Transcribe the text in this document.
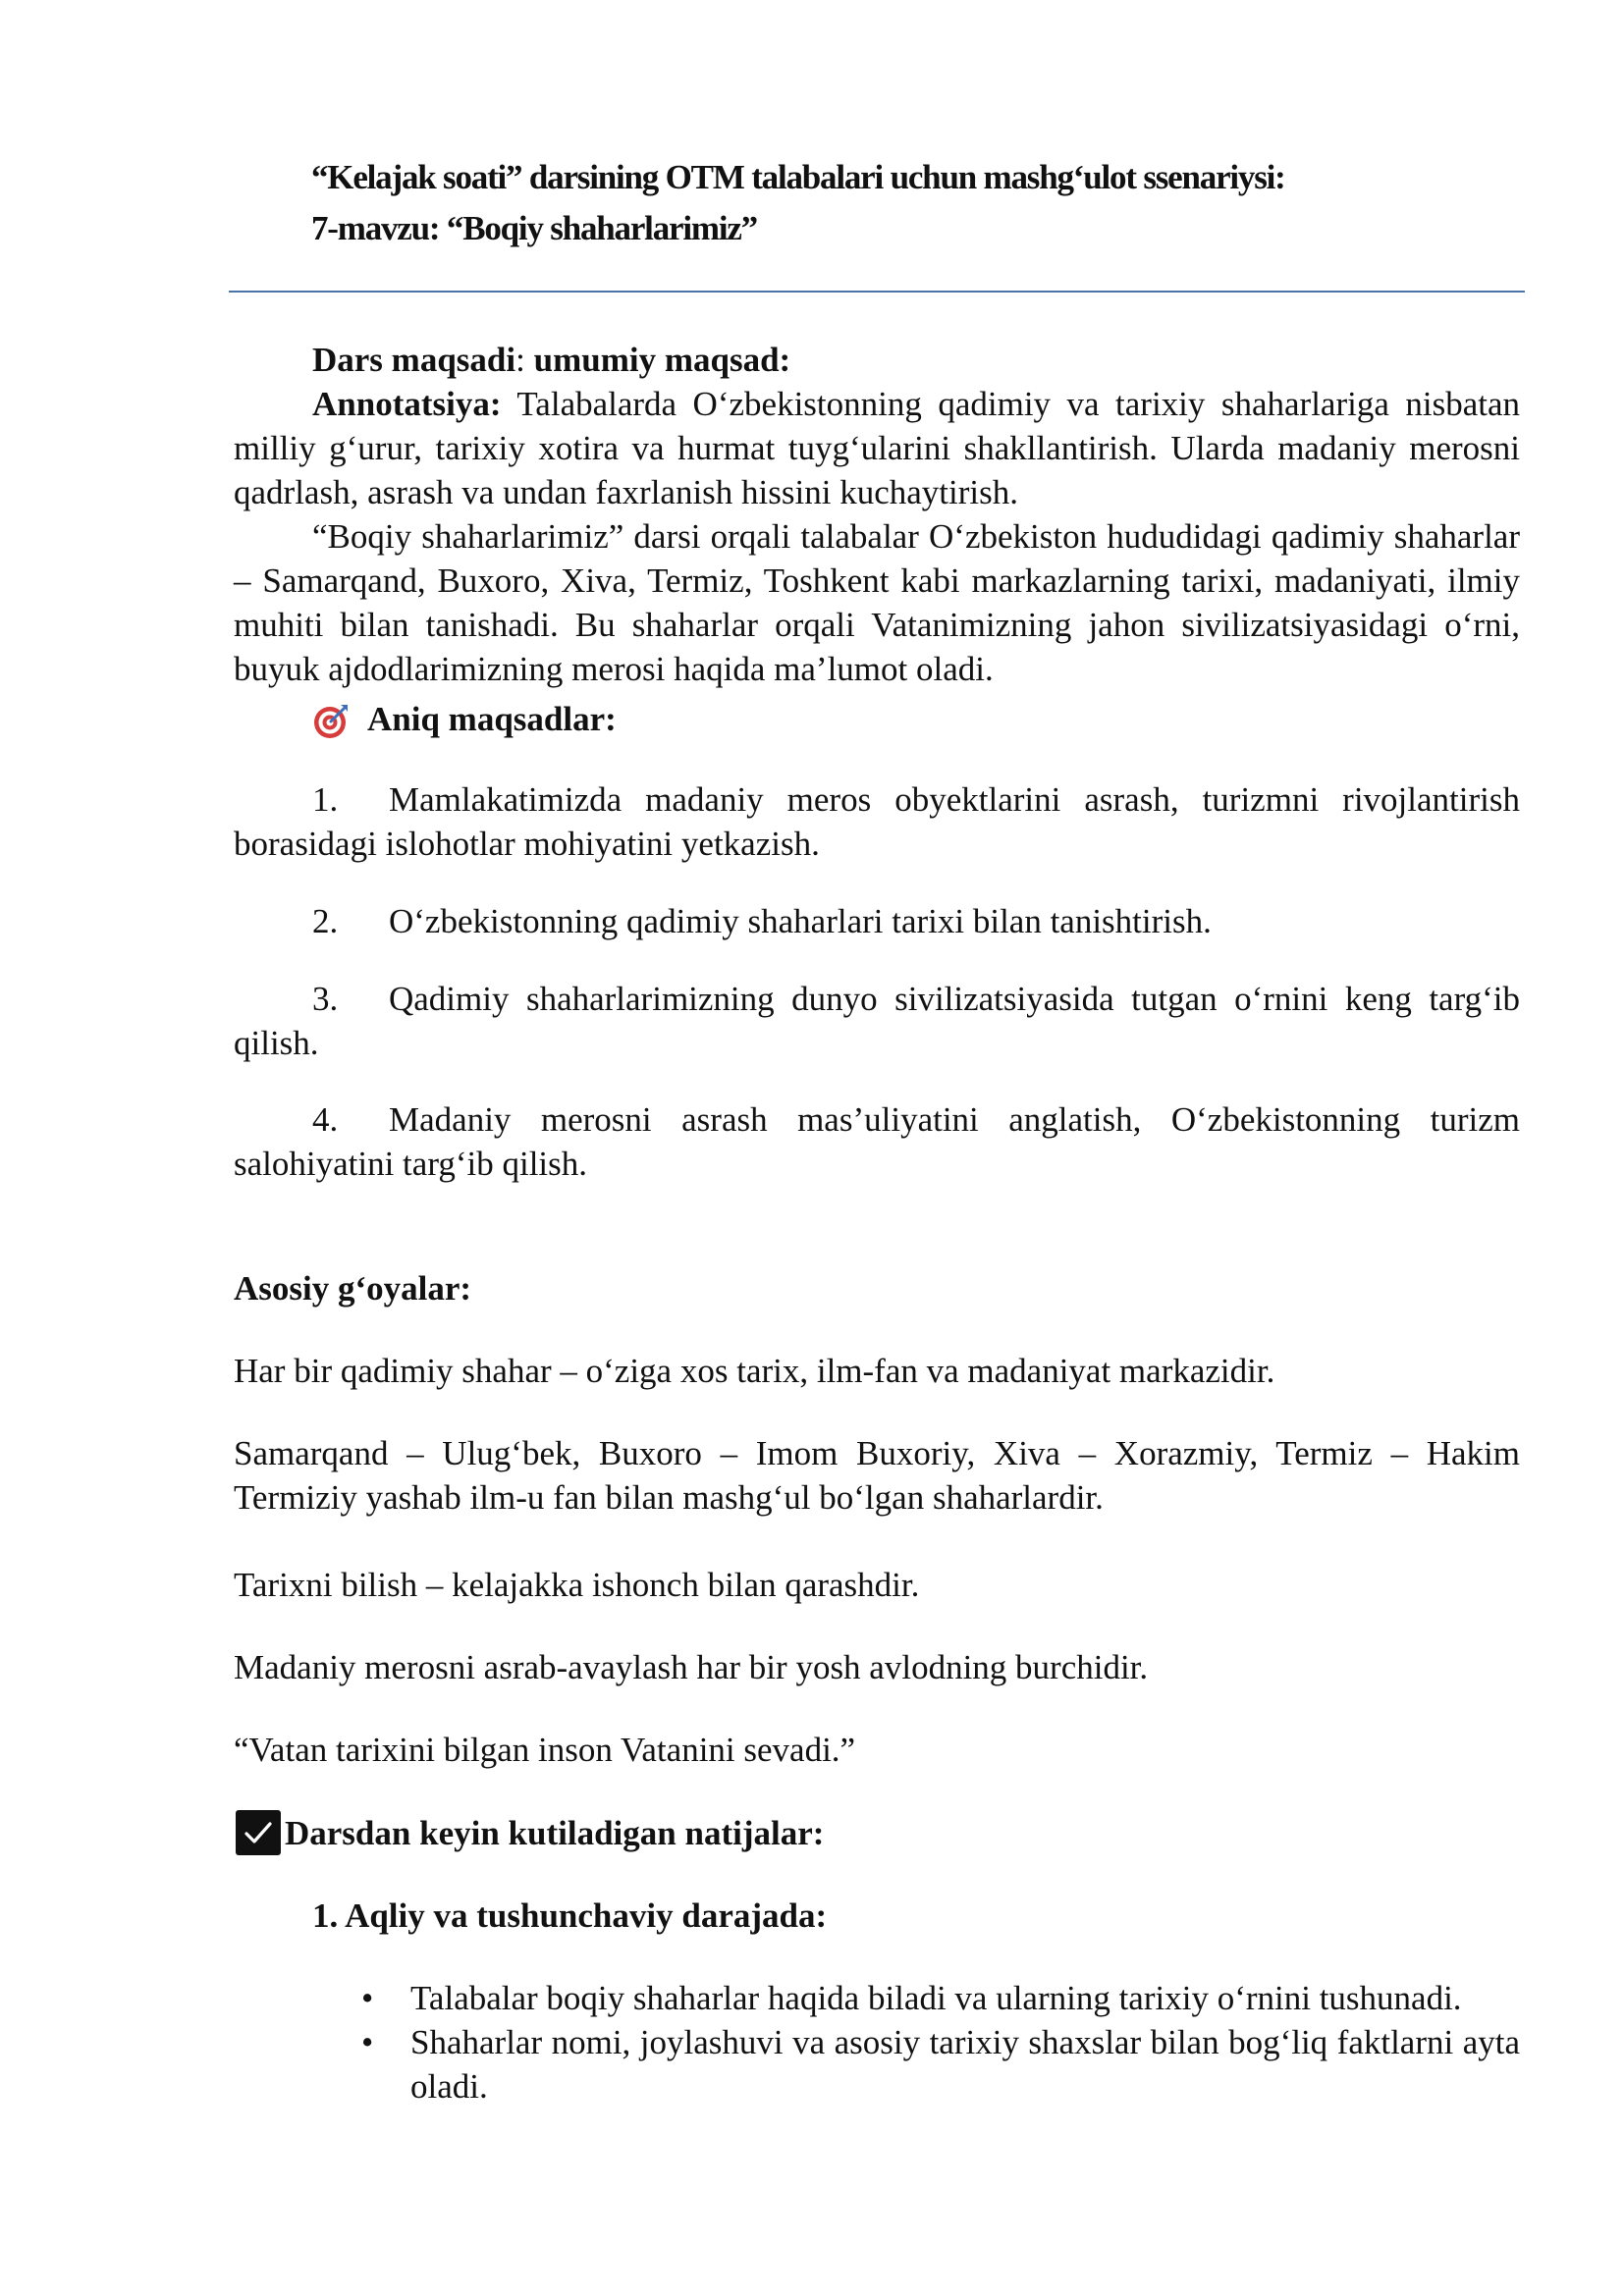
“Kelajak soati” darsining OTM talabalari uchun mashg‘ulot ssenariysi:
7-mavzu: “Boqiy shaharlarimiz”
Dars maqsadi: umumiy maqsad:

Annotatsiya: Talabalarda O‘zbekistonning qadimiy va tarixiy shaharlariga nisbatan milliy g‘urur, tarixiy xotira va hurmat tuyg‘ularini shakllantirish. Ularda madaniy merosni qadrlash, asrash va undan faxrlanish hissini kuchaytirish.

“Boqiy shaharlarimiz” darsi orqali talabalar O‘zbekiston hududidagi qadimiy shaharlar – Samarqand, Buxoro, Xiva, Termiz, Toshkent kabi markazlarning tarixi, madaniyati, ilmiy muhiti bilan tanishadi. Bu shaharlar orqali Vatanimizning jahon sivilizatsiyasidagi o‘rni, buyuk ajdodlarimizning merosi haqida ma’lumot oladi.

Aniq maqsadlar:

1. Mamlakatimizda madaniy meros obyektlarini asrash, turizmni rivojlantirish borasidagi islohotlar mohiyatini yetkazish.

2. O‘zbekistonning qadimiy shaharlari tarixi bilan tanishtirish.

3. Qadimiy shaharlarimizning dunyo sivilizatsiyasida tutgan o‘rnini keng targ‘ib qilish.

4. Madaniy merosni asrash mas’uliyatini anglatish, O‘zbekistonning turizm salohiyatini targ‘ib qilish.

Asosiy g‘oyalar:

Har bir qadimiy shahar – o‘ziga xos tarix, ilm-fan va madaniyat markazidir.

Samarqand – Ulug‘bek, Buxoro – Imom Buxoriy, Xiva – Xorazmiy, Termiz – Hakim Termiziy yashab ilm-u fan bilan mashg‘ul bo‘lgan shaharlardir.

Tarixni bilish – kelajakka ishonch bilan qarashdir.

Madaniy merosni asrab-avaylash har bir yosh avlodning burchidir.

“Vatan tarixini bilgan inson Vatanini sevadi.”

Darsdan keyin kutiladigan natijalar:
1. Aqliy va tushunchaviy darajada:
• Talabalar boqiy shaharlar haqida biladi va ularning tarixiy o‘rnini tushunadi.
• Shaharlar nomi, joylashuvi va asosiy tarixiy shaxslar bilan bog‘liq faktlarni ayta oladi.
